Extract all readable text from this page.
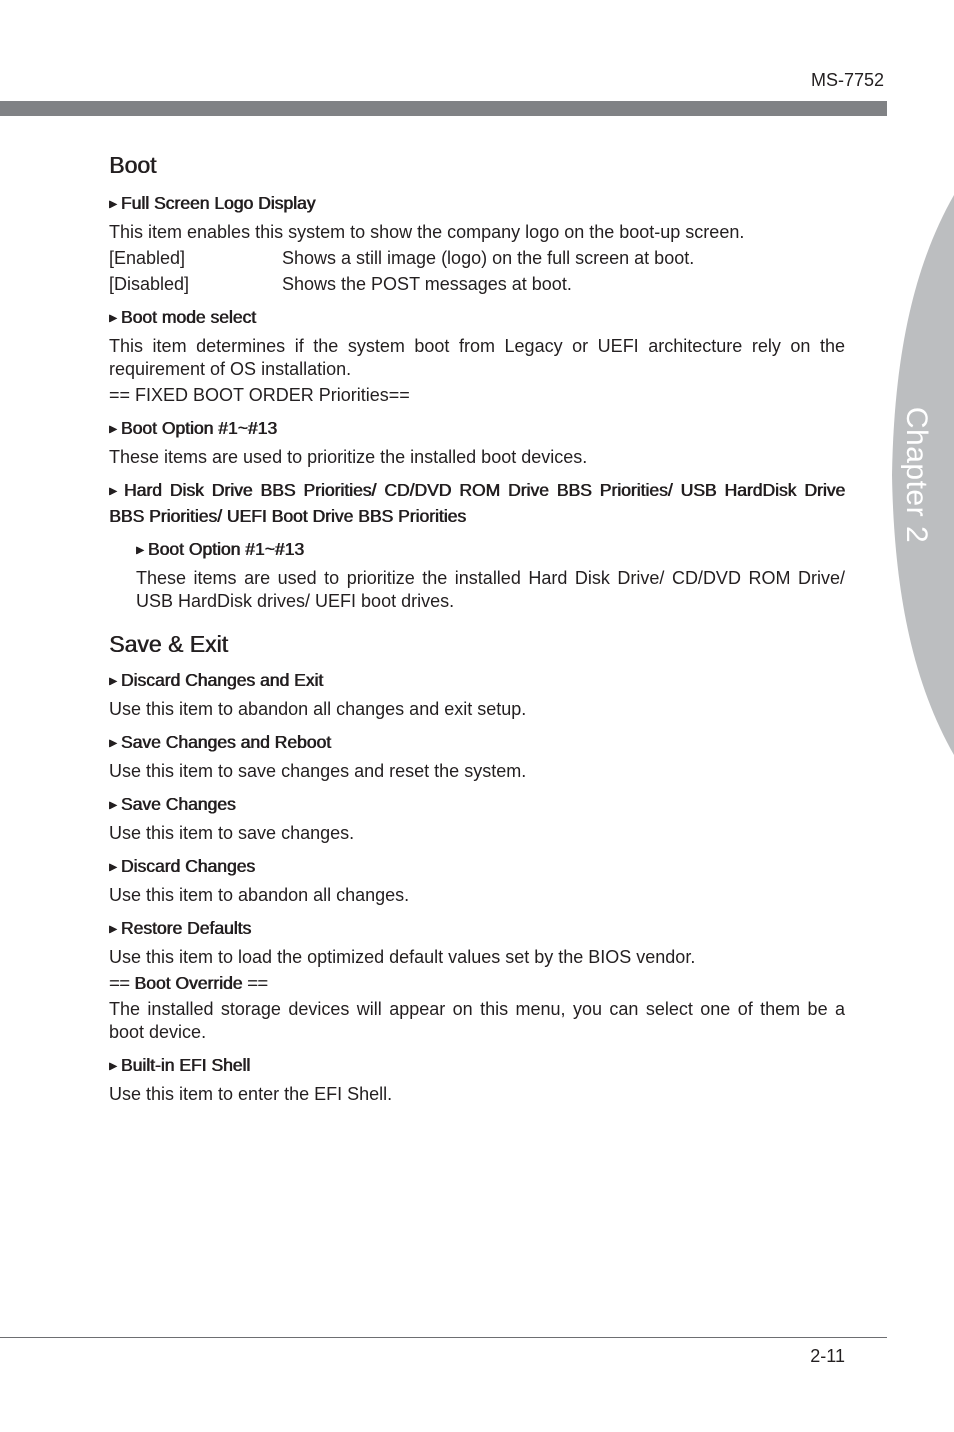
MS-7752
Chapter 2
Boot
▶ Full Screen Logo Display
This item enables this system to show the company logo on the boot-up screen.
[Enabled]	Shows a still image (logo) on the full screen at boot.
[Disabled]	Shows the POST messages at boot.
▶ Boot mode select
This item determines if the system boot from Legacy or UEFI architecture rely on the requirement of OS installation.
== FIXED BOOT ORDER Priorities==
▶ Boot Option #1~#13
These items are used to prioritize the installed boot devices.
▶ Hard Disk Drive BBS Priorities/ CD/DVD ROM Drive BBS Priorities/ USB HardDisk Drive BBS Priorities/ UEFI Boot Drive BBS Priorities
▶ Boot Option #1~#13
These items are used to prioritize the installed Hard Disk Drive/ CD/DVD ROM Drive/ USB HardDisk drives/ UEFI boot drives.
Save & Exit
▶ Discard Changes and Exit
Use this item to abandon all changes and exit setup.
▶ Save Changes and Reboot
Use this item to save changes and reset the system.
▶ Save Changes
Use this item to save changes.
▶ Discard Changes
Use this item to abandon all changes.
▶ Restore Defaults
Use this item to load the optimized default values set by the BIOS vendor.
== Boot Override ==
The installed storage devices will appear on this menu, you can select one of them be a boot device.
▶ Built-in EFI Shell
Use this item to enter the EFI Shell.
2-11
